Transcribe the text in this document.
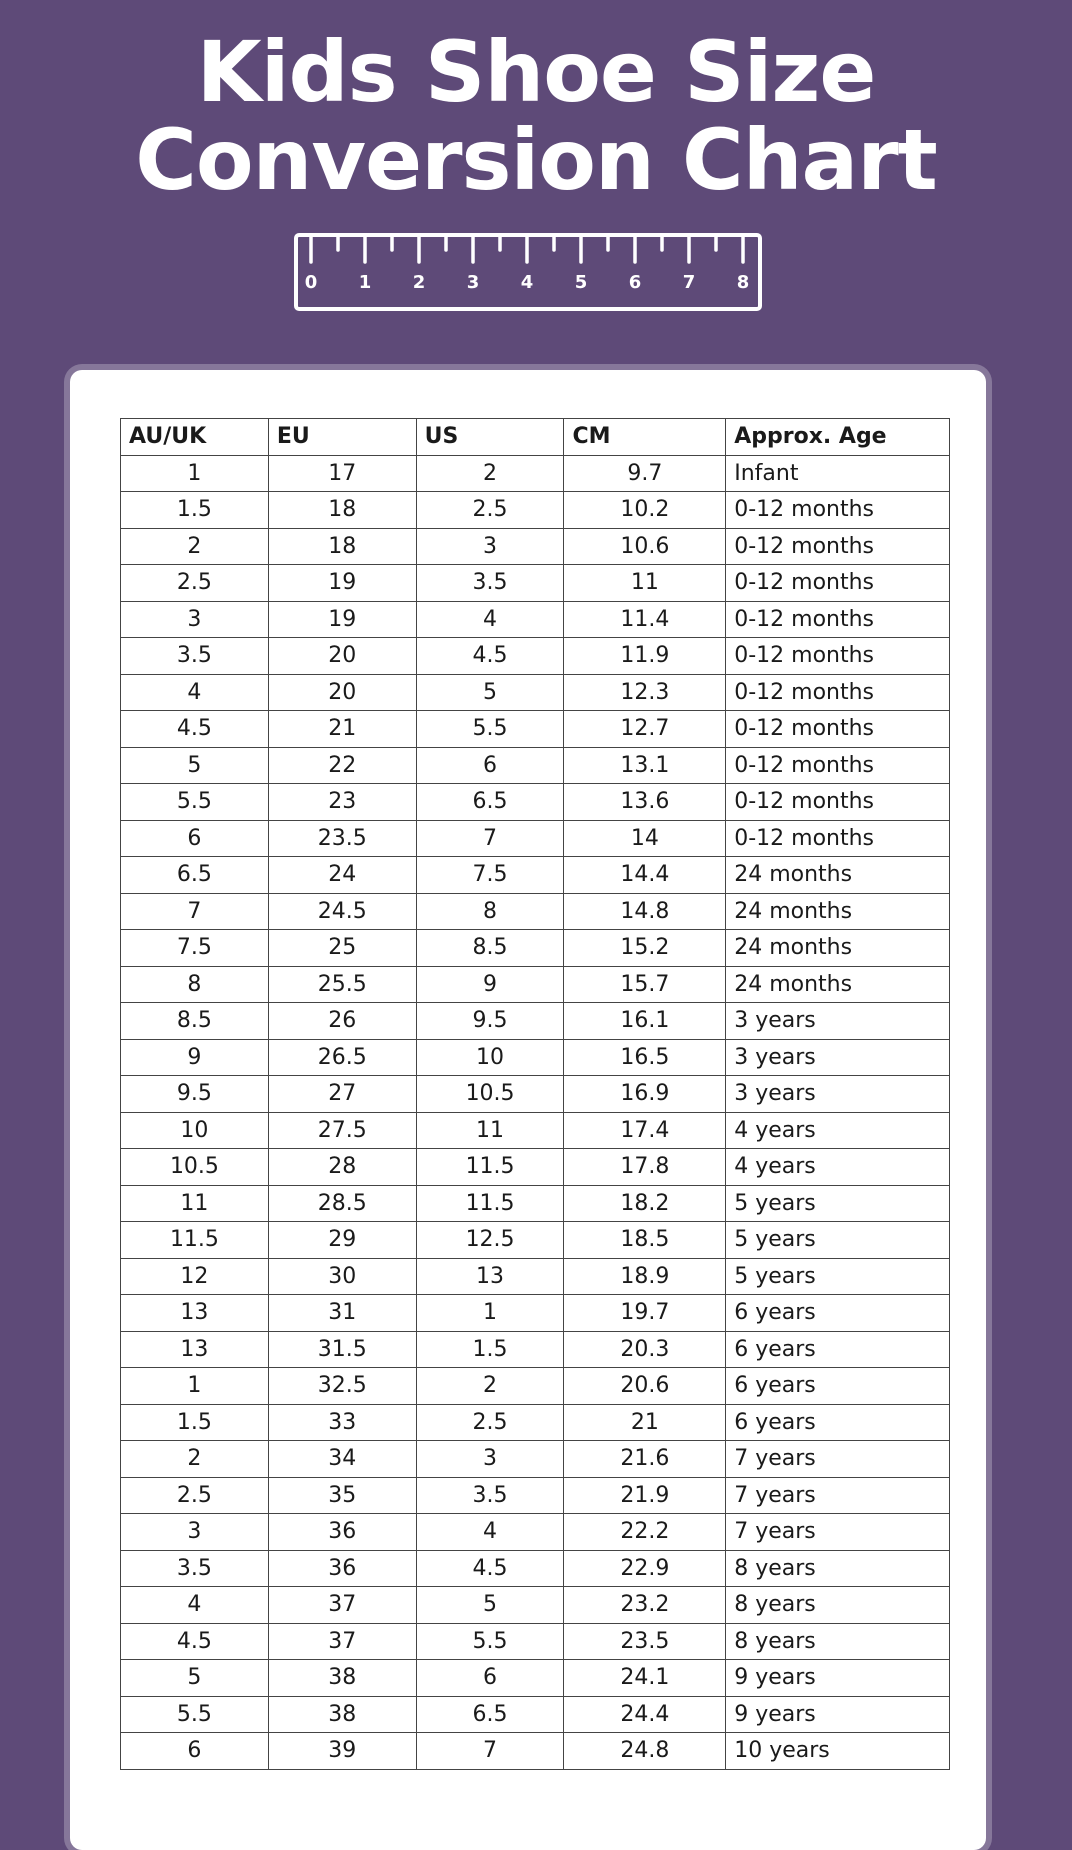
Kids Shoe Size
Conversion Chart
0 1 2 3 4 5 6 7 8
AU/UK	EU	US	CM	Approx. Age
1	17	2	9.7	Infant
1.5	18	2.5	10.2	0-12 months
2	18	3	10.6	0-12 months
2.5	19	3.5	11	0-12 months
3	19	4	11.4	0-12 months
3.5	20	4.5	11.9	0-12 months
4	20	5	12.3	0-12 months
4.5	21	5.5	12.7	0-12 months
5	22	6	13.1	0-12 months
5.5	23	6.5	13.6	0-12 months
6	23.5	7	14	0-12 months
6.5	24	7.5	14.4	24 months
7	24.5	8	14.8	24 months
7.5	25	8.5	15.2	24 months
8	25.5	9	15.7	24 months
8.5	26	9.5	16.1	3 years
9	26.5	10	16.5	3 years
9.5	27	10.5	16.9	3 years
10	27.5	11	17.4	4 years
10.5	28	11.5	17.8	4 years
11	28.5	11.5	18.2	5 years
11.5	29	12.5	18.5	5 years
12	30	13	18.9	5 years
13	31	1	19.7	6 years
13	31.5	1.5	20.3	6 years
1	32.5	2	20.6	6 years
1.5	33	2.5	21	6 years
2	34	3	21.6	7 years
2.5	35	3.5	21.9	7 years
3	36	4	22.2	7 years
3.5	36	4.5	22.9	8 years
4	37	5	23.2	8 years
4.5	37	5.5	23.5	8 years
5	38	6	24.1	9 years
5.5	38	6.5	24.4	9 years
6	39	7	24.8	10 years
